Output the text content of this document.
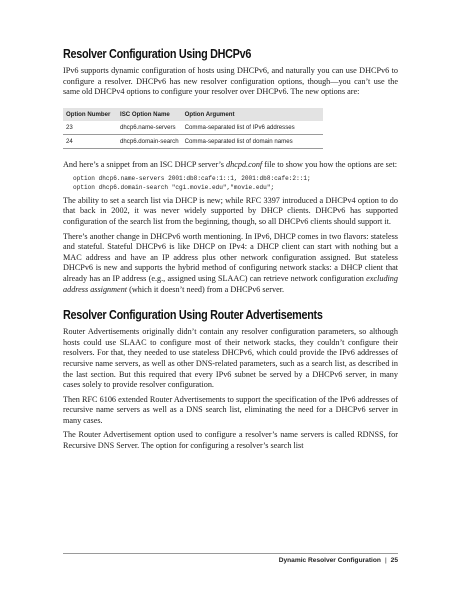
Resolver Configuration Using DHCPv6

IPv6 supports dynamic configuration of hosts using DHCPv6, and naturally you can use DHCPv6 to configure a resolver. DHCPv6 has new resolver configuration options, though—you can’t use the same old DHCPv4 options to configure your resolver over DHCPv6. The new options are:

Option Number	ISC Option Name	Option Argument
23	dhcp6.name-servers	Comma-separated list of IPv6 addresses
24	dhcp6.domain-search	Comma-separated list of domain names

And here’s a snippet from an ISC DHCP server’s dhcpd.conf file to show you how the options are set:

option dhcp6.name-servers 2001:db8:cafe:1::1, 2001:db8:cafe:2::1;
option dhcp6.domain-search "cgi.movie.edu","movie.edu";

The ability to set a search list via DHCP is new; while RFC 3397 introduced a DHCPv4 option to do that back in 2002, it was never widely supported by DHCP clients. DHCPv6 has supported configuration of the search list from the beginning, though, so all DHCPv6 clients should support it.

There’s another change in DHCPv6 worth mentioning. In IPv6, DHCP comes in two flavors: stateless and stateful. Stateful DHCPv6 is like DHCP on IPv4: a DHCP client can start with nothing but a MAC address and have an IP address plus other network configuration assigned. But stateless DHCPv6 is new and supports the hybrid method of configuring network stacks: a DHCP client that already has an IP address (e.g., assigned using SLAAC) can retrieve network configuration excluding address assignment (which it doesn’t need) from a DHCPv6 server.

Resolver Configuration Using Router Advertisements

Router Advertisements originally didn’t contain any resolver configuration parameters, so although hosts could use SLAAC to configure most of their network stacks, they couldn’t configure their resolvers. For that, they needed to use stateless DHCPv6, which could provide the IPv6 addresses of recursive name servers, as well as other DNS-related parameters, such as a search list, as described in the last section. But this required that every IPv6 subnet be served by a DHCPv6 server, in many cases solely to provide resolver configuration.

Then RFC 6106 extended Router Advertisements to support the specification of the IPv6 addresses of recursive name servers as well as a DNS search list, eliminating the need for a DHCPv6 server in many cases.

The Router Advertisement option used to configure a resolver’s name servers is called RDNSS, for Recursive DNS Server. The option for configuring a resolver’s search list

Dynamic Resolver Configuration | 25
